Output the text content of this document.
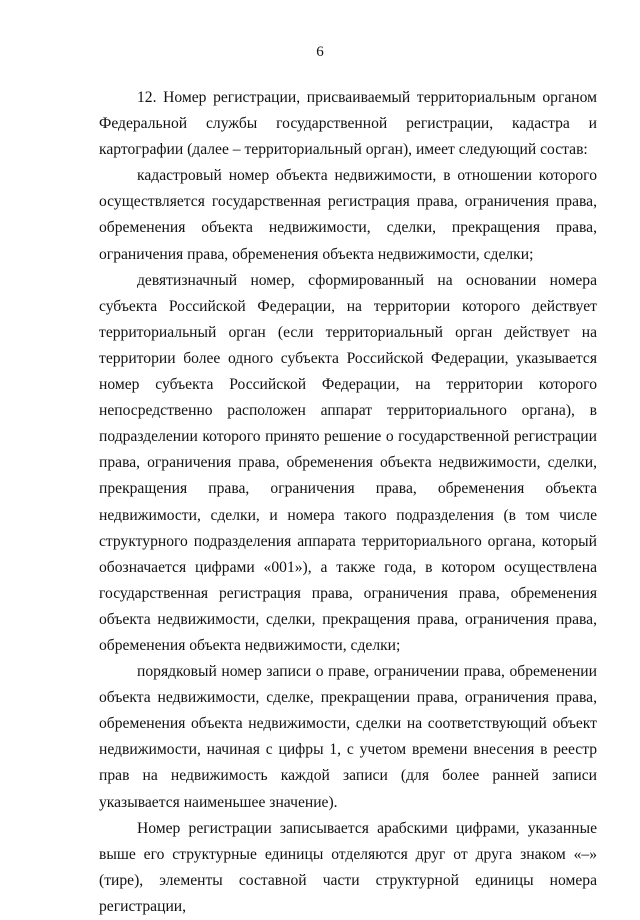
6

12. Номер регистрации, присваиваемый территориальным органом Федеральной службы государственной регистрации, кадастра и картографии (далее – территориальный орган), имеет следующий состав:

кадастровый номер объекта недвижимости, в отношении которого осуществляется государственная регистрация права, ограничения права, обременения объекта недвижимости, сделки, прекращения права, ограничения права, обременения объекта недвижимости, сделки;

девятизначный номер, сформированный на основании номера субъекта Российской Федерации, на территории которого действует территориальный орган (если территориальный орган действует на территории более одного субъекта Российской Федерации, указывается номер субъекта Российской Федерации, на территории которого непосредственно расположен аппарат территориального органа), в подразделении которого принято решение о государственной регистрации права, ограничения права, обременения объекта недвижимости, сделки, прекращения права, ограничения права, обременения объекта недвижимости, сделки, и номера такого подразделения (в том числе структурного подразделения аппарата территориального органа, который обозначается цифрами «001»), а также года, в котором осуществлена государственная регистрация права, ограничения права, обременения объекта недвижимости, сделки, прекращения права, ограничения права, обременения объекта недвижимости, сделки;

порядковый номер записи о праве, ограничении права, обременении объекта недвижимости, сделке, прекращении права, ограничения права, обременения объекта недвижимости, сделки на соответствующий объект недвижимости, начиная с цифры 1, с учетом времени внесения в реестр прав на недвижимость каждой записи (для более ранней записи указывается наименьшее значение).

Номер регистрации записывается арабскими цифрами, указанные выше его структурные единицы отделяются друг от друга знаком «–» (тире), элементы составной части структурной единицы номера регистрации,
